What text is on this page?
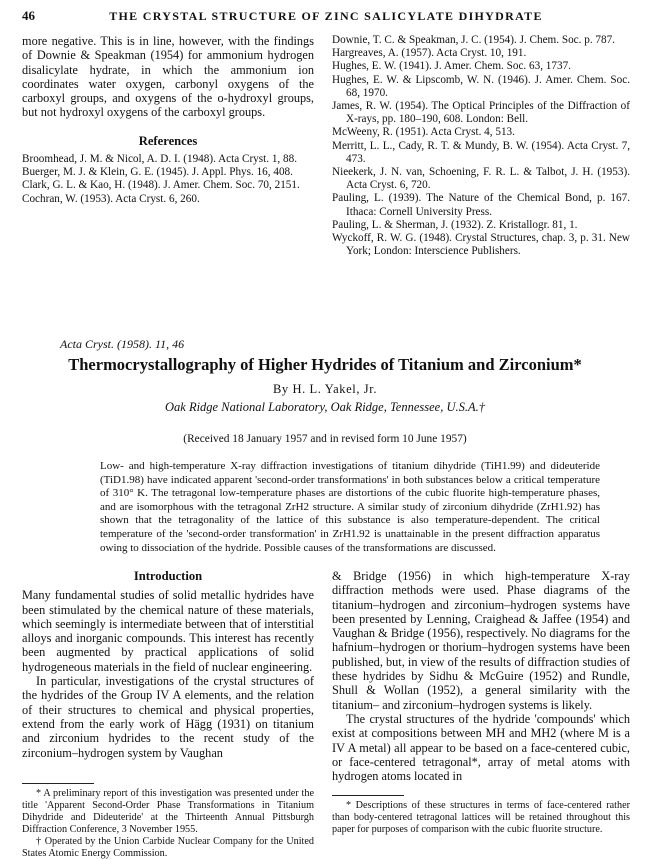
46	THE CRYSTAL STRUCTURE OF ZINC SALICYLATE DIHYDRATE

more negative. This is in line, however, with the findings of Downie & Speakman (1954) for ammonium hydrogen disalicylate hydrate, in which the ammonium ion coordinates water oxygen, carbonyl oxygens of the carboxyl groups, and oxygens of the o-hydroxyl groups, but not hydroxyl oxygens of the carboxyl groups.

References

Broomhead, J. M. & Nicol, A. D. I. (1948). Acta Cryst. 1, 88.

Buerger, M. J. & Klein, G. E. (1945). J. Appl. Phys. 16, 408.

Clark, G. L. & Kao, H. (1948). J. Amer. Chem. Soc. 70, 2151.

Cochran, W. (1953). Acta Cryst. 6, 260.

Downie, T. C. & Speakman, J. C. (1954). J. Chem. Soc. p. 787.

Hargreaves, A. (1957). Acta Cryst. 10, 191.

Hughes, E. W. (1941). J. Amer. Chem. Soc. 63, 1737.

Hughes, E. W. & Lipscomb, W. N. (1946). J. Amer. Chem. Soc. 68, 1970.

James, R. W. (1954). The Optical Principles of the Diffraction of X-rays, pp. 180–190, 608. London: Bell.

McWeeny, R. (1951). Acta Cryst. 4, 513.

Merritt, L. L., Cady, R. T. & Mundy, B. W. (1954). Acta Cryst. 7, 473.

Nieekerk, J. N. van, Schoening, F. R. L. & Talbot, J. H. (1953). Acta Cryst. 6, 720.

Pauling, L. (1939). The Nature of the Chemical Bond, p. 167. Ithaca: Cornell University Press.

Pauling, L. & Sherman, J. (1932). Z. Kristallogr. 81, 1.

Wyckoff, R. W. G. (1948). Crystal Structures, chap. 3, p. 31. New York; London: Interscience Publishers.

Acta Cryst. (1958). 11, 46
Thermocrystallography of Higher Hydrides of Titanium and Zirconium*
By H. L. Yakel, Jr.
Oak Ridge National Laboratory, Oak Ridge, Tennessee, U.S.A.†
(Received 18 January 1957 and in revised form 10 June 1957)
Low- and high-temperature X-ray diffraction investigations of titanium dihydride (TiH1.99) and dideuteride (TiD1.98) have indicated apparent 'second-order transformations' in both substances below a critical temperature of 310° K. The tetragonal low-temperature phases are distortions of the cubic fluorite high-temperature phases, and are isomorphous with the tetragonal ZrH2 structure. A similar study of zirconium dihydride (ZrH1.92) has shown that the tetragonality of the lattice of this substance is also temperature-dependent. The critical temperature of the 'second-order transformation' in ZrH1.92 is unattainable in the present diffraction apparatus owing to dissociation of the hydride. Possible causes of the transformations are discussed.
Introduction

Many fundamental studies of solid metallic hydrides have been stimulated by the chemical nature of these materials, which seemingly is intermediate between that of interstitial alloys and inorganic compounds. This interest has recently been augmented by practical applications of solid hydrogeneous materials in the field of nuclear engineering.

In particular, investigations of the crystal structures of the hydrides of the Group IV A elements, and the relation of their structures to chemical and physical properties, extend from the early work of Hägg (1931) on titanium and zirconium hydrides to the recent study of the zirconium–hydrogen system by Vaughan

& Bridge (1956) in which high-temperature X-ray diffraction methods were used. Phase diagrams of the titanium–hydrogen and zirconium–hydrogen systems have been presented by Lenning, Craighead & Jaffee (1954) and Vaughan & Bridge (1956), respectively. No diagrams for the hafnium–hydrogen or thorium–hydrogen systems have been published, but, in view of the results of diffraction studies of these hydrides by Sidhu & McGuire (1952) and Rundle, Shull & Wollan (1952), a general similarity with the titanium– and zirconium–hydrogen systems is likely.

The crystal structures of the hydride 'compounds' which exist at compositions between MH and MH2 (where M is a IV A metal) all appear to be based on a face-centered cubic, or face-centered tetragonal*, array of metal atoms with hydrogen atoms located in

* A preliminary report of this investigation was presented under the title 'Apparent Second-Order Phase Transformations in Titanium Dihydride and Dideuteride' at the Thirteenth Annual Pittsburgh Diffraction Conference, 3 November 1955.

† Operated by the Union Carbide Nuclear Company for the United States Atomic Energy Commission.

* Descriptions of these structures in terms of face-centered rather than body-centered tetragonal lattices will be retained throughout this paper for purposes of comparison with the cubic fluorite structure.
